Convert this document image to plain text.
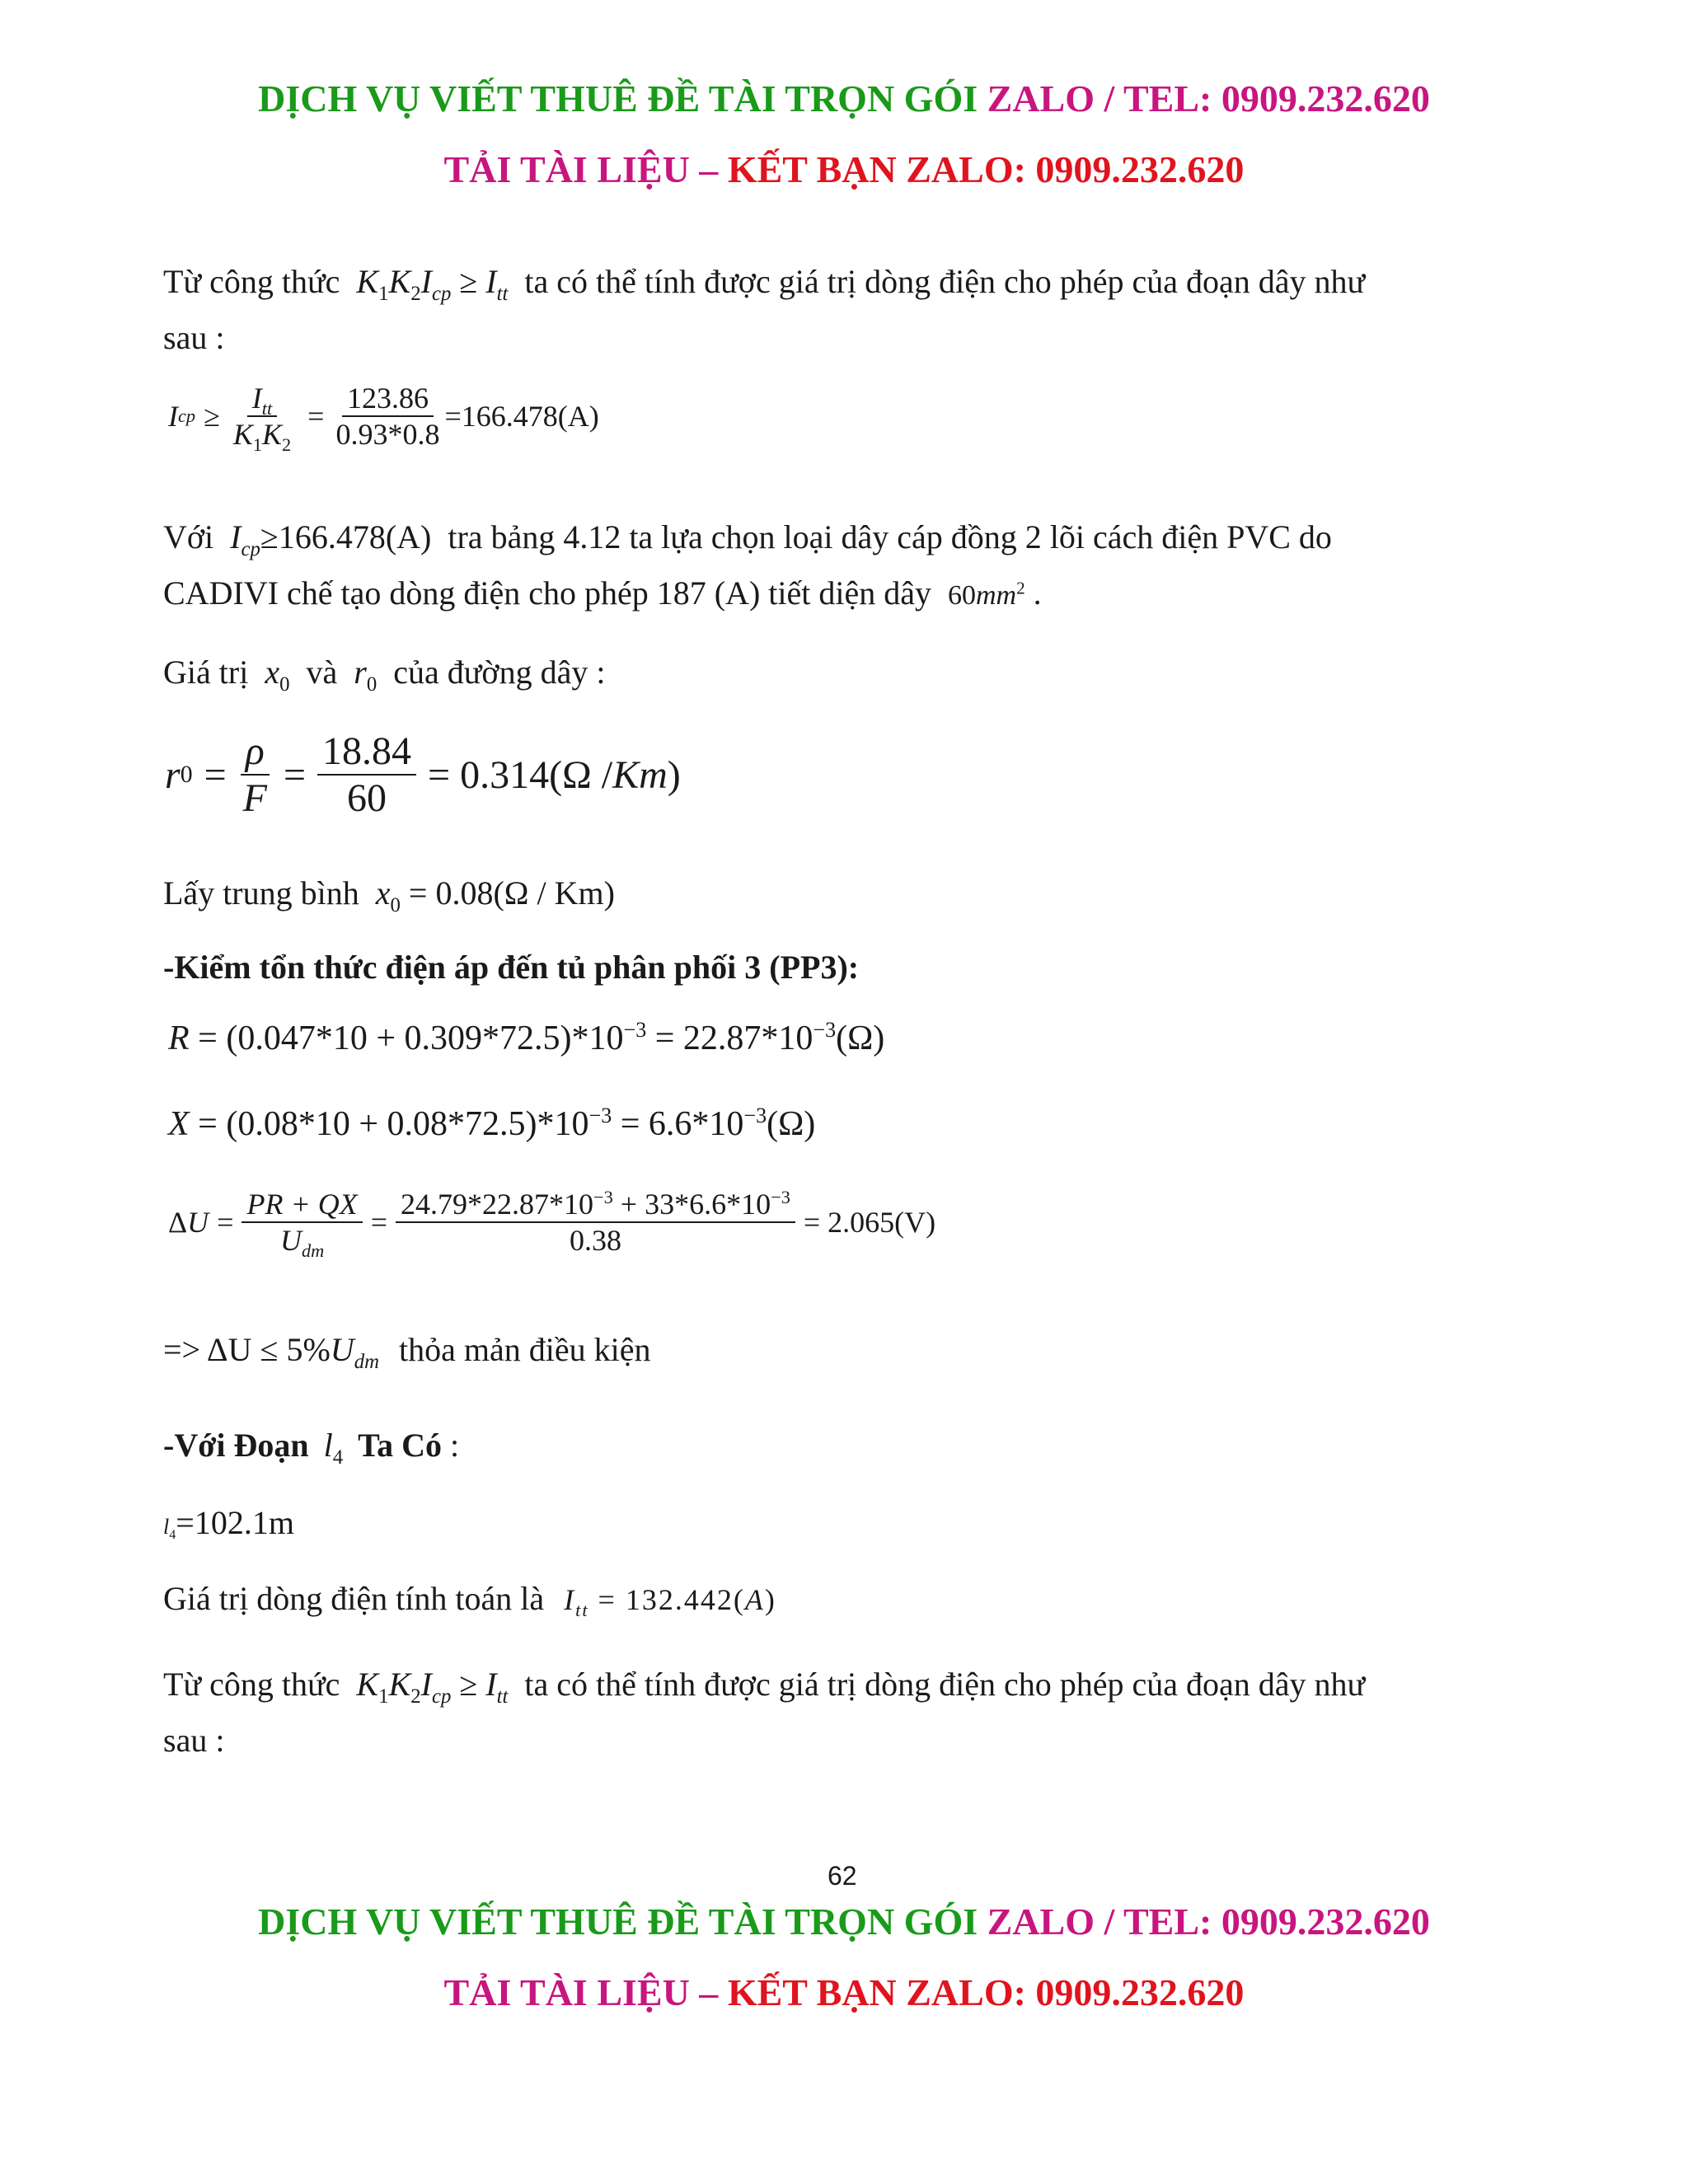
DỊCH VỤ VIẾT THUÊ ĐỀ TÀI TRỌN GÓI ZALO / TEL: 0909.232.620
TẢI TÀI LIỆU – KẾT BẠN ZALO: 0909.232.620
Từ công thức $K_1K_2I_{cp} \ge I_{tt}$ ta có thể tính được giá trị dòng điện cho phép của đoạn dây như
sau :
I cp ≥ $\frac{I_{tt}}{K_1K_2} = \frac{123.86}{0.93*0.8} =166.478(A)$
Với $I_{cp}\ge 166.478(A)$ tra bảng 4.12 ta lựa chọn loại dây cáp đồng 2 lõi cách điện PVC do
CADIVI chế tạo dòng điện cho phép 187 (A) tiết diện dây $60mm^2$ .
Giá trị $x_0$ và $r_0$ của đường dây :
r $0 = \frac{\rho}{F} = \frac{18.84}{60} = 0.314(\Omega / Km$ )
Lấy trung bình $x_0 = 0.08(\Omega / Km)$
-Kiểm tổn thức điện áp đến tủ phân phối 3 (PP3):
$R = (0.047*10 + 0.309*72.5)*10^{-3} = 22.87*10^{-3}(\Omega)$
$X = (0.08*10 + 0.08*72.5)*10^{-3} = 6.6*10^{-3}(\Omega)$
$\Delta U = \frac{PR + QX}{U_{dm}} = \frac{24.79*22.87*10^{-3} + 33*6.6*10^{-3}}{0.38} = 2.065(V)$
=> $\Delta U \le 5\%U_{dm}$ thỏa mản điều kiện
-Với Đoạn $l_4$ Ta Có :
$l_4=102.1m$
Giá trị dòng điện tính toán là $I_{tt} = 132.442(A)$
Từ công thức $K_1K_2I_{cp} \ge I_{tt}$ ta có thể tính được giá trị dòng điện cho phép của đoạn dây như
sau :
62
DỊCH VỤ VIẾT THUÊ ĐỀ TÀI TRỌN GÓI ZALO / TEL: 0909.232.620
TẢI TÀI LIỆU – KẾT BẠN ZALO: 0909.232.620
